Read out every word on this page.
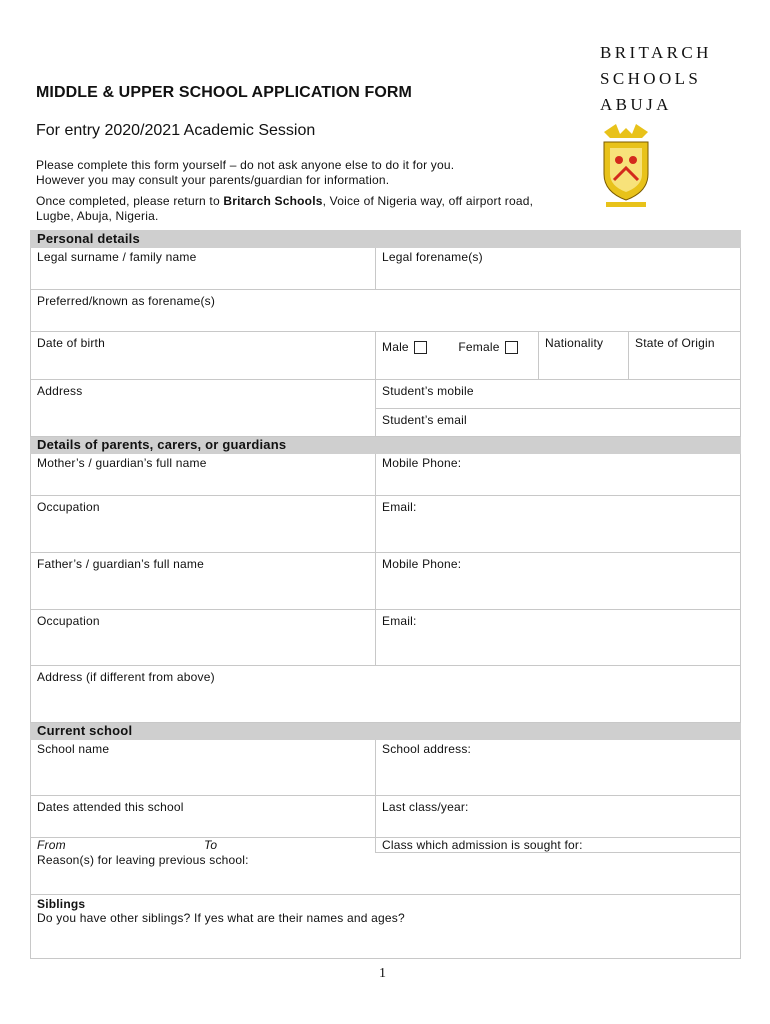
MIDDLE & UPPER SCHOOL APPLICATION FORM
For entry 2020/2021 Academic Session
Please complete this form yourself – do not ask anyone else to do it for you.
However you may consult your parents/guardian for information.
Once completed, please return to Britarch Schools, Voice of Nigeria way, off airport road,
Lugbe, Abuja, Nigeria.
BRITARCH
SCHOOLS
ABUJA
Personal details			
Legal surname / family name	Legal forename(s)		
Preferred/known as forename(s)			
Date of birth	Male Female	Nationality	State of Origin
Address	Student’s mobile		
	Student’s email		
Details of parents, carers, or guardians			
Mother’s / guardian’s full name	Mobile Phone:		
Occupation	Email:		
Father’s / guardian’s full name	Mobile Phone:		
Occupation	Email:		
Address (if different from above)			
Current school			
School name	School address:		
Dates attended this school	Last class/year:		
From To	Class which admission is sought for:		
Reason(s) for leaving previous school:			

Siblings
Do you have other siblings? If yes what are their names and ages?			
1
